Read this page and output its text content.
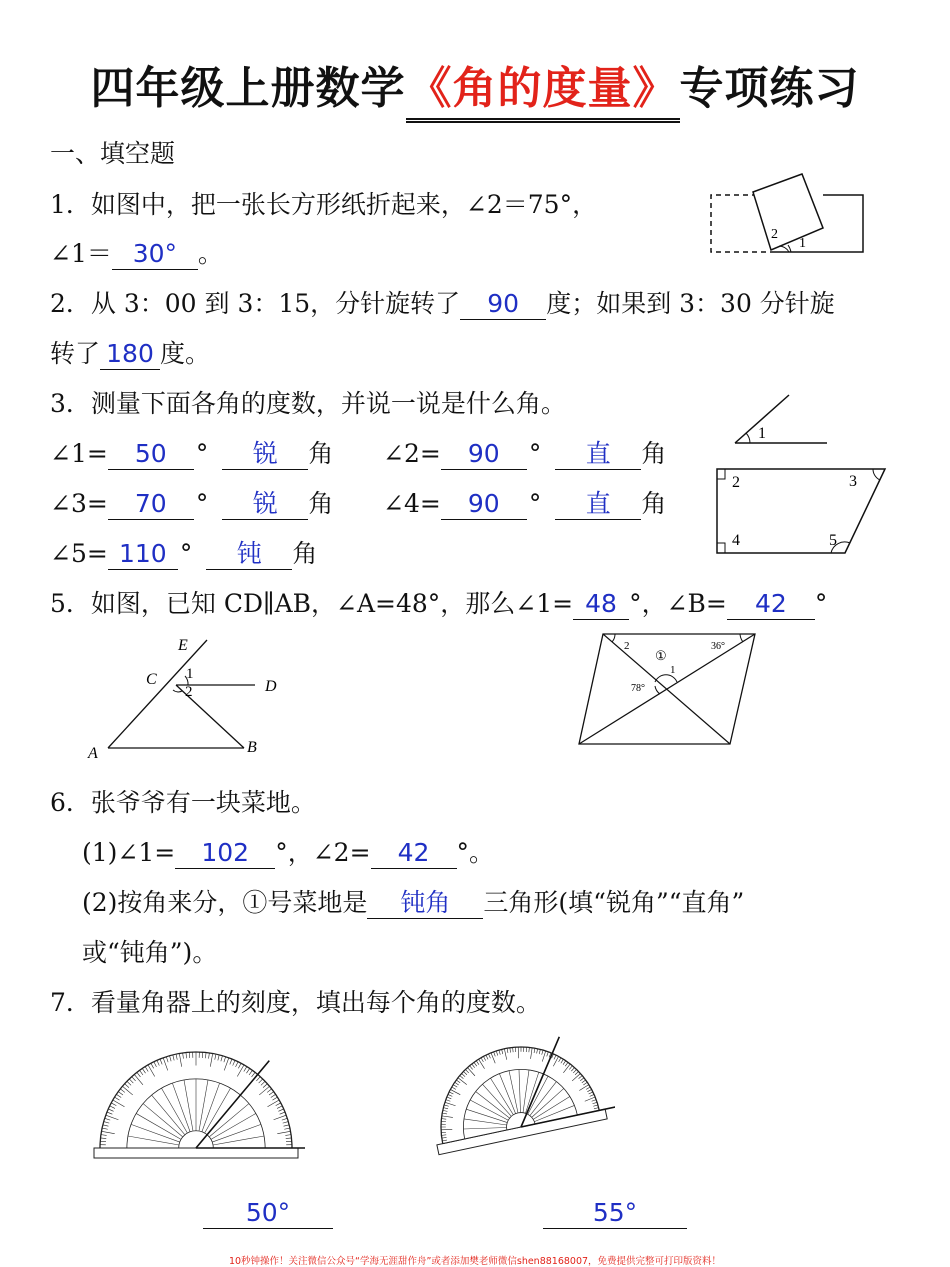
四年级上册数学《角的度量》专项练习
一、填空题
1．如图中，把一张长方形纸折起来，∠2＝75°，
∠1＝ 30° 。	1
2
2．从 3：00 到 3：15，分针旋转了 90 度；如果到 3：30 分针旋
转了 180 度。
3．测量下面各角的度数，并说一说是什么角。
∠1= 50 ° 锐 角 ∠2= 90 ° 直 角
∠3= 70 ° 锐 角 ∠4= 90 ° 直 角
∠5= 110 ° 钝 角
1
2	3
4	5
5．如图，已知 CD∥AB，∠A=48°，那么∠1= 48 °，∠B= 42 °
E
C	D
A	B
1
2
2
①
1
36°
78°
6．张爷爷有一块菜地。
(1)∠1= 102 °，∠2= 42 °。
(2)按角来分，①号菜地是 钝角 三角形(填“锐角”“直角”
或“钝角”)。
7．看量角器上的刻度，填出每个角的度数。
50°	55°
10秒钟操作！关注微信公众号“学海无涯甜作舟”或者添加樊老师微信shen88168007，免费提供完整可打印版资料！
